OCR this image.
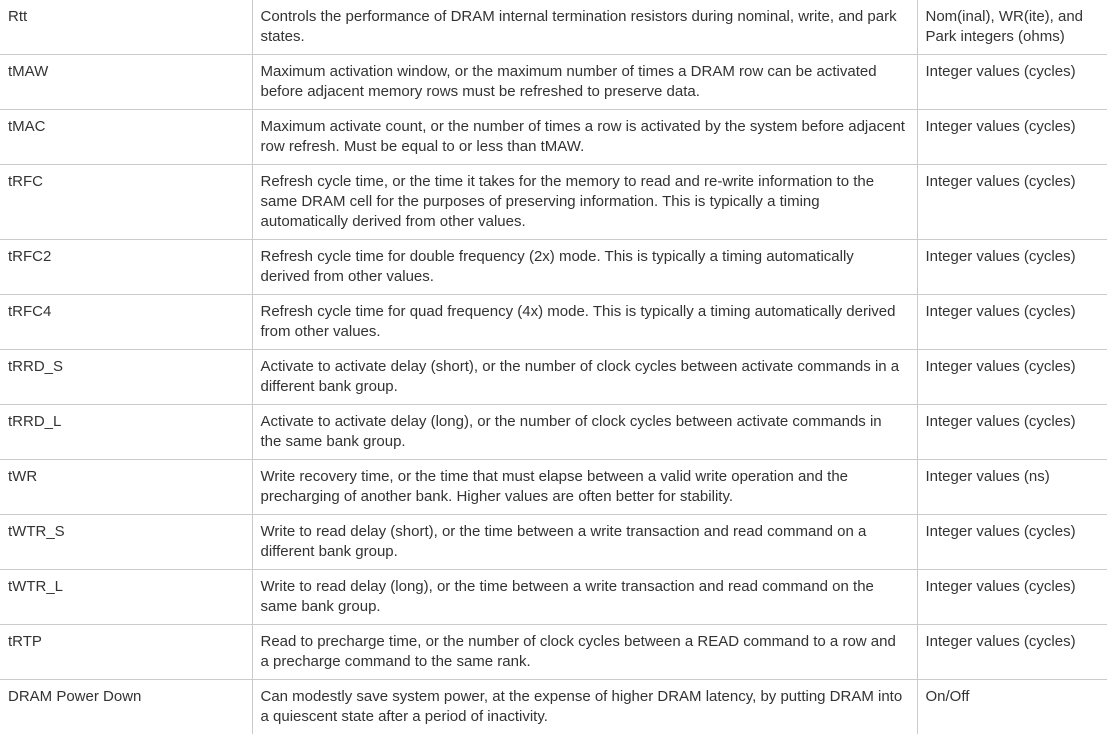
Rtt	Controls the performance of DRAM internal termination resistors during nominal, write, and park states.	Nom(inal), WR(ite), and Park integers (ohms)
tMAW	Maximum activation window, or the maximum number of times a DRAM row can be activated before adjacent memory rows must be refreshed to preserve data.	Integer values (cycles)
tMAC	Maximum activate count, or the number of times a row is activated by the system before adjacent row refresh. Must be equal to or less than tMAW.	Integer values (cycles)
tRFC	Refresh cycle time, or the time it takes for the memory to read and re-write information to the same DRAM cell for the purposes of preserving information. This is typically a timing automatically derived from other values.	Integer values (cycles)
tRFC2	Refresh cycle time for double frequency (2x) mode. This is typically a timing automatically derived from other values.	Integer values (cycles)
tRFC4	Refresh cycle time for quad frequency (4x) mode. This is typically a timing automatically derived from other values.	Integer values (cycles)
tRRD_S	Activate to activate delay (short), or the number of clock cycles between activate commands in a different bank group.	Integer values (cycles)
tRRD_L	Activate to activate delay (long), or the number of clock cycles between activate commands in the same bank group.	Integer values (cycles)
tWR	Write recovery time, or the time that must elapse between a valid write operation and the precharging of another bank. Higher values are often better for stability.	Integer values (ns)
tWTR_S	Write to read delay (short), or the time between a write transaction and read command on a different bank group.	Integer values (cycles)
tWTR_L	Write to read delay (long), or the time between a write transaction and read command on the same bank group.	Integer values (cycles)
tRTP	Read to precharge time, or the number of clock cycles between a READ command to a row and a precharge command to the same rank.	Integer values (cycles)
DRAM Power Down	Can modestly save system power, at the expense of higher DRAM latency, by putting DRAM into a quiescent state after a period of inactivity.	On/Off
